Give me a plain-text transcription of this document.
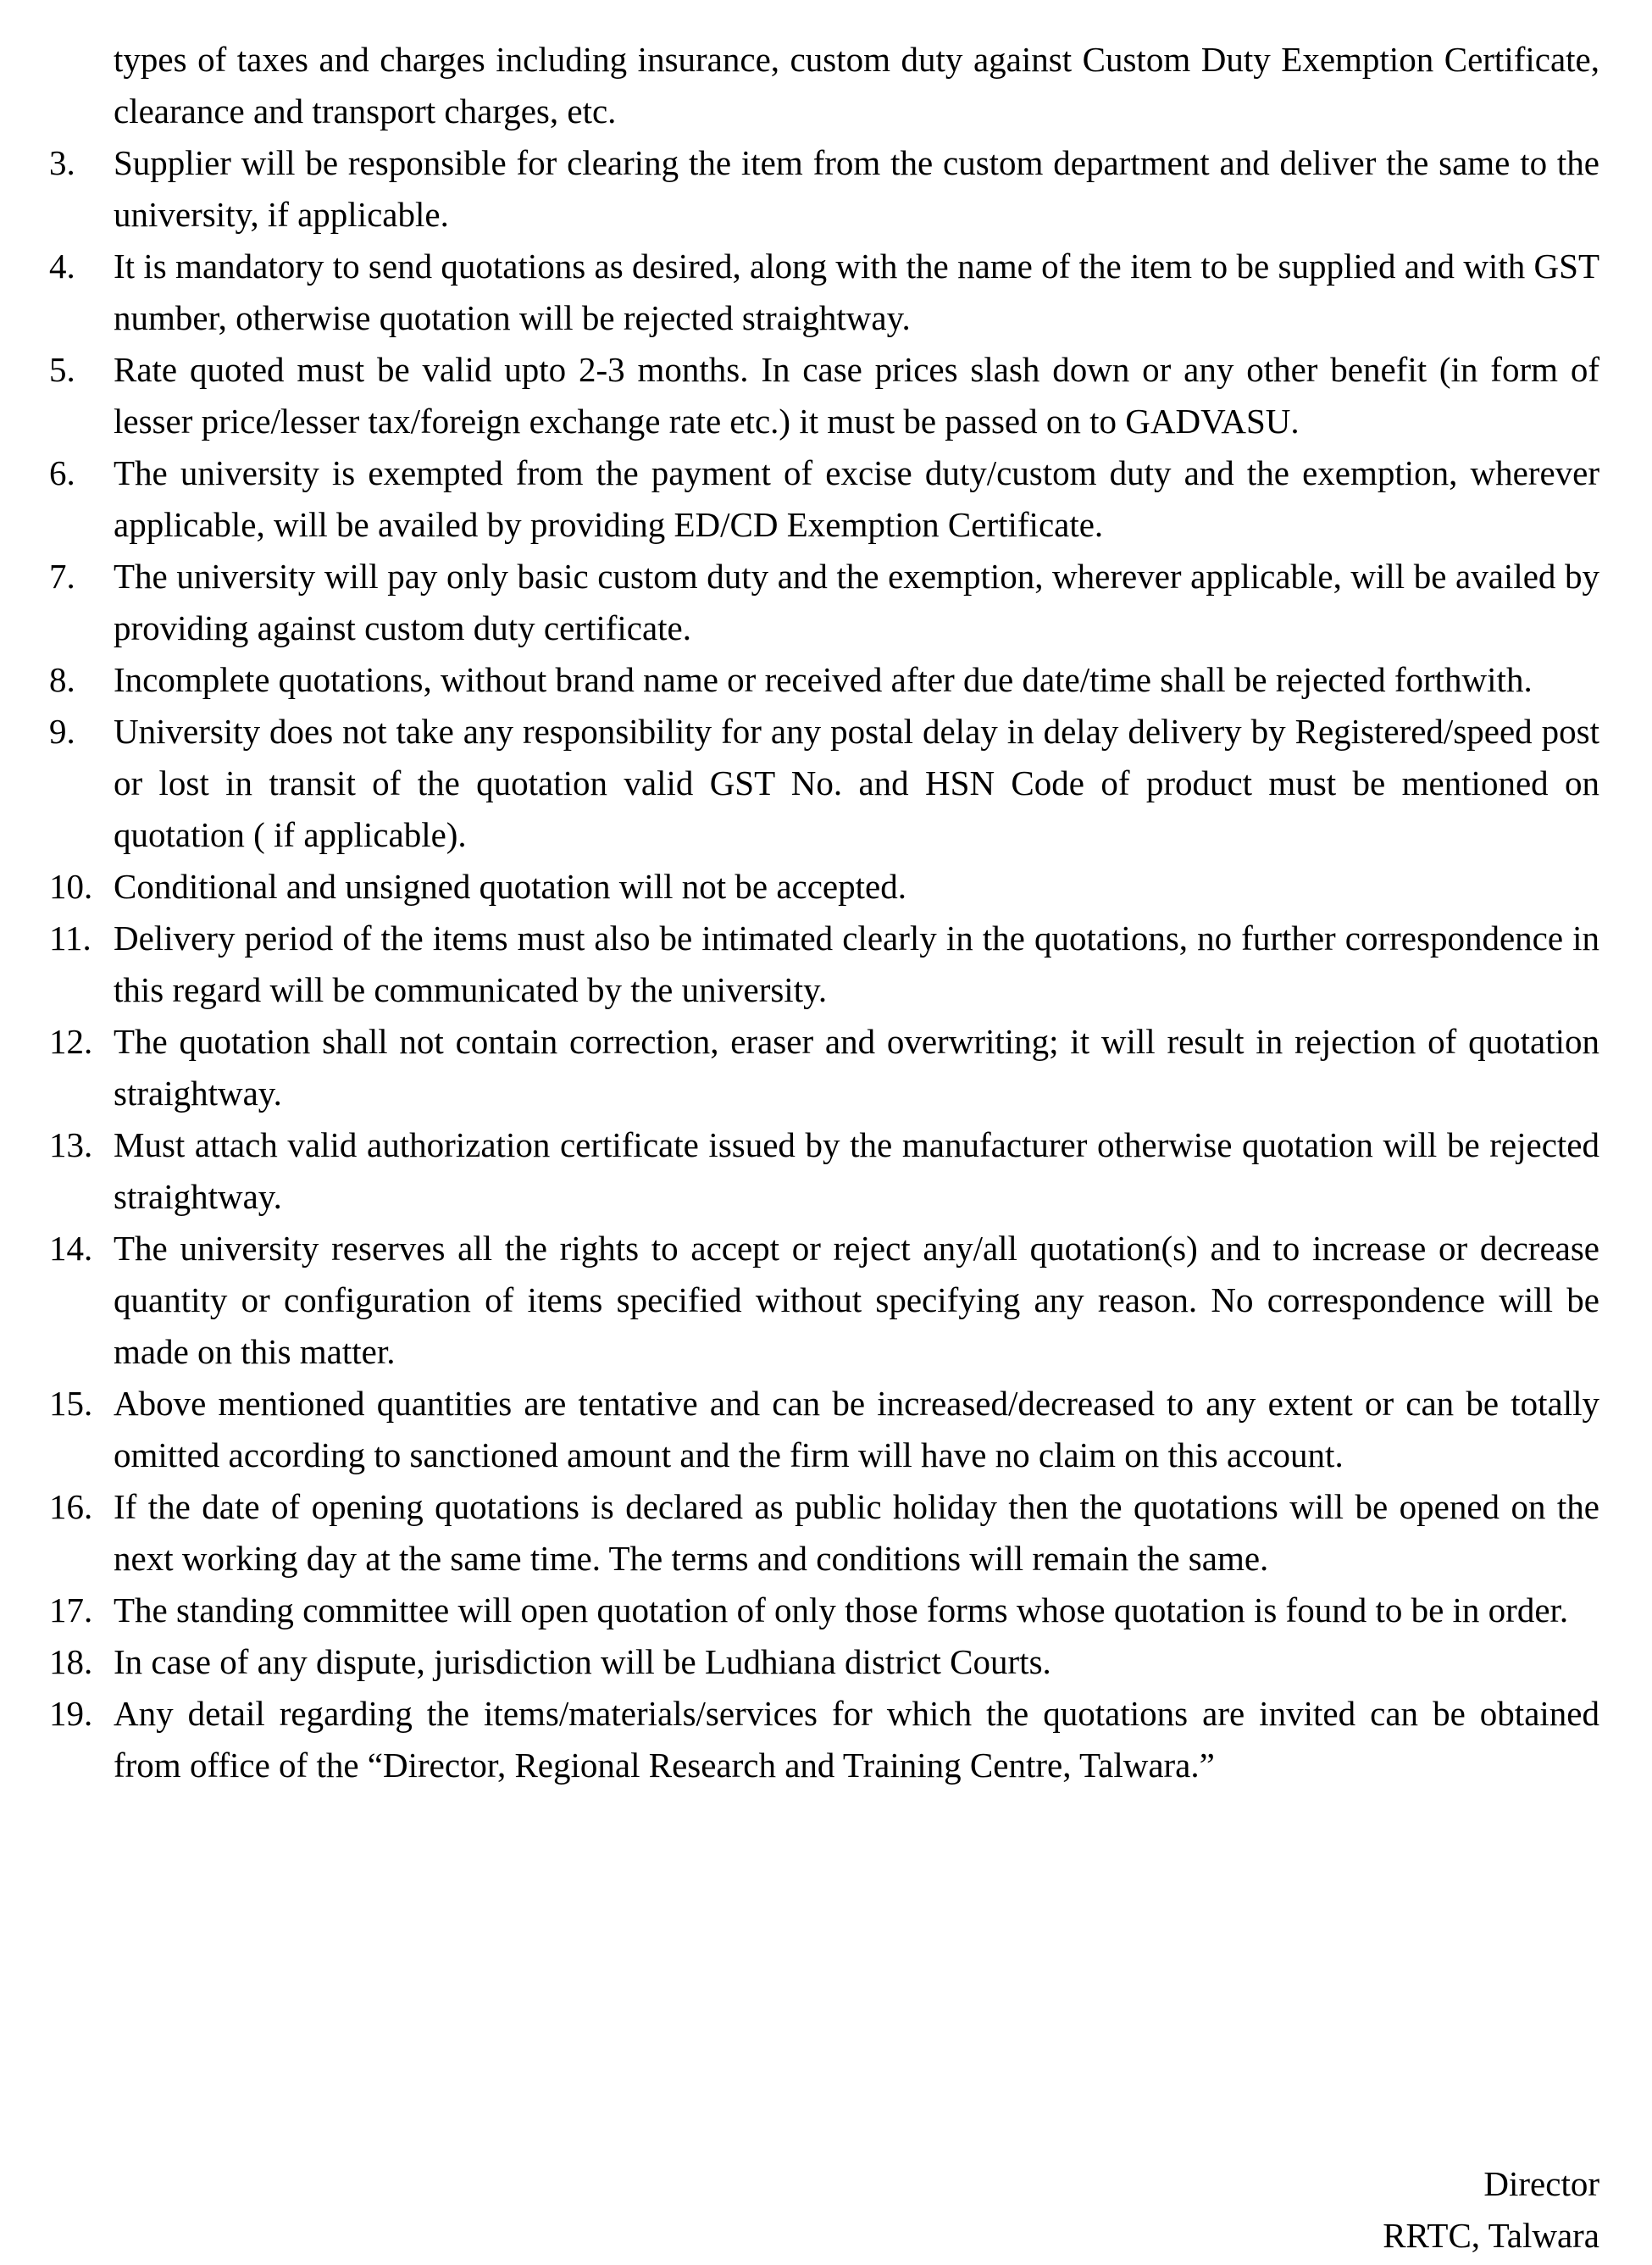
types of taxes and charges including insurance, custom duty against Custom Duty Exemption Certificate, clearance and transport charges, etc.
3.	Supplier will be responsible for clearing the item from the custom department and deliver the same to the university, if applicable.
4.	It is mandatory to send quotations as desired, along with the name of the item to be supplied and with GST number, otherwise quotation will be rejected straightway.
5.	Rate quoted must be valid upto 2-3 months. In case prices slash down or any other benefit (in form of lesser price/lesser tax/foreign exchange rate etc.) it must be passed on to GADVASU.
6.	The university is exempted from the payment of excise duty/custom duty and the exemption, wherever applicable, will be availed by providing ED/CD Exemption Certificate.
7.	The university will pay only basic custom duty and the exemption, wherever applicable, will be availed by providing against custom duty certificate.
8.	Incomplete quotations, without brand name or received after due date/time shall be rejected forthwith.
9.	University does not take any responsibility for any postal delay in delay delivery by Registered/speed post or lost in transit of the quotation valid GST No. and HSN Code of product must be mentioned on quotation ( if applicable).
10. Conditional and unsigned quotation will not be accepted.
11. Delivery period of the items must also be intimated clearly in the quotations, no further correspondence in this regard will be communicated by the university.
12. The quotation shall not contain correction, eraser and overwriting; it will result in rejection of quotation straightway.
13. Must attach valid authorization certificate issued by the manufacturer otherwise quotation will be rejected straightway.
14. The university reserves all the rights to accept or reject any/all quotation(s) and to increase or decrease quantity or configuration of items specified without specifying any reason. No correspondence will be made on this matter.
15. Above mentioned quantities are tentative and can be increased/decreased to any extent or can be totally omitted according to sanctioned amount and the firm will have no claim on this account.
16. If the date of opening quotations is declared as public holiday then the quotations will be opened on the next working day at the same time. The terms and conditions will remain the same.
17. The standing committee will open quotation of only those forms whose quotation is found to be in order.
18. In case of any dispute, jurisdiction will be Ludhiana district Courts.
19. Any detail regarding the items/materials/services for which the quotations are invited can be obtained from office of the “Director, Regional Research and Training Centre, Talwara.”
Director
RRTC, Talwara
